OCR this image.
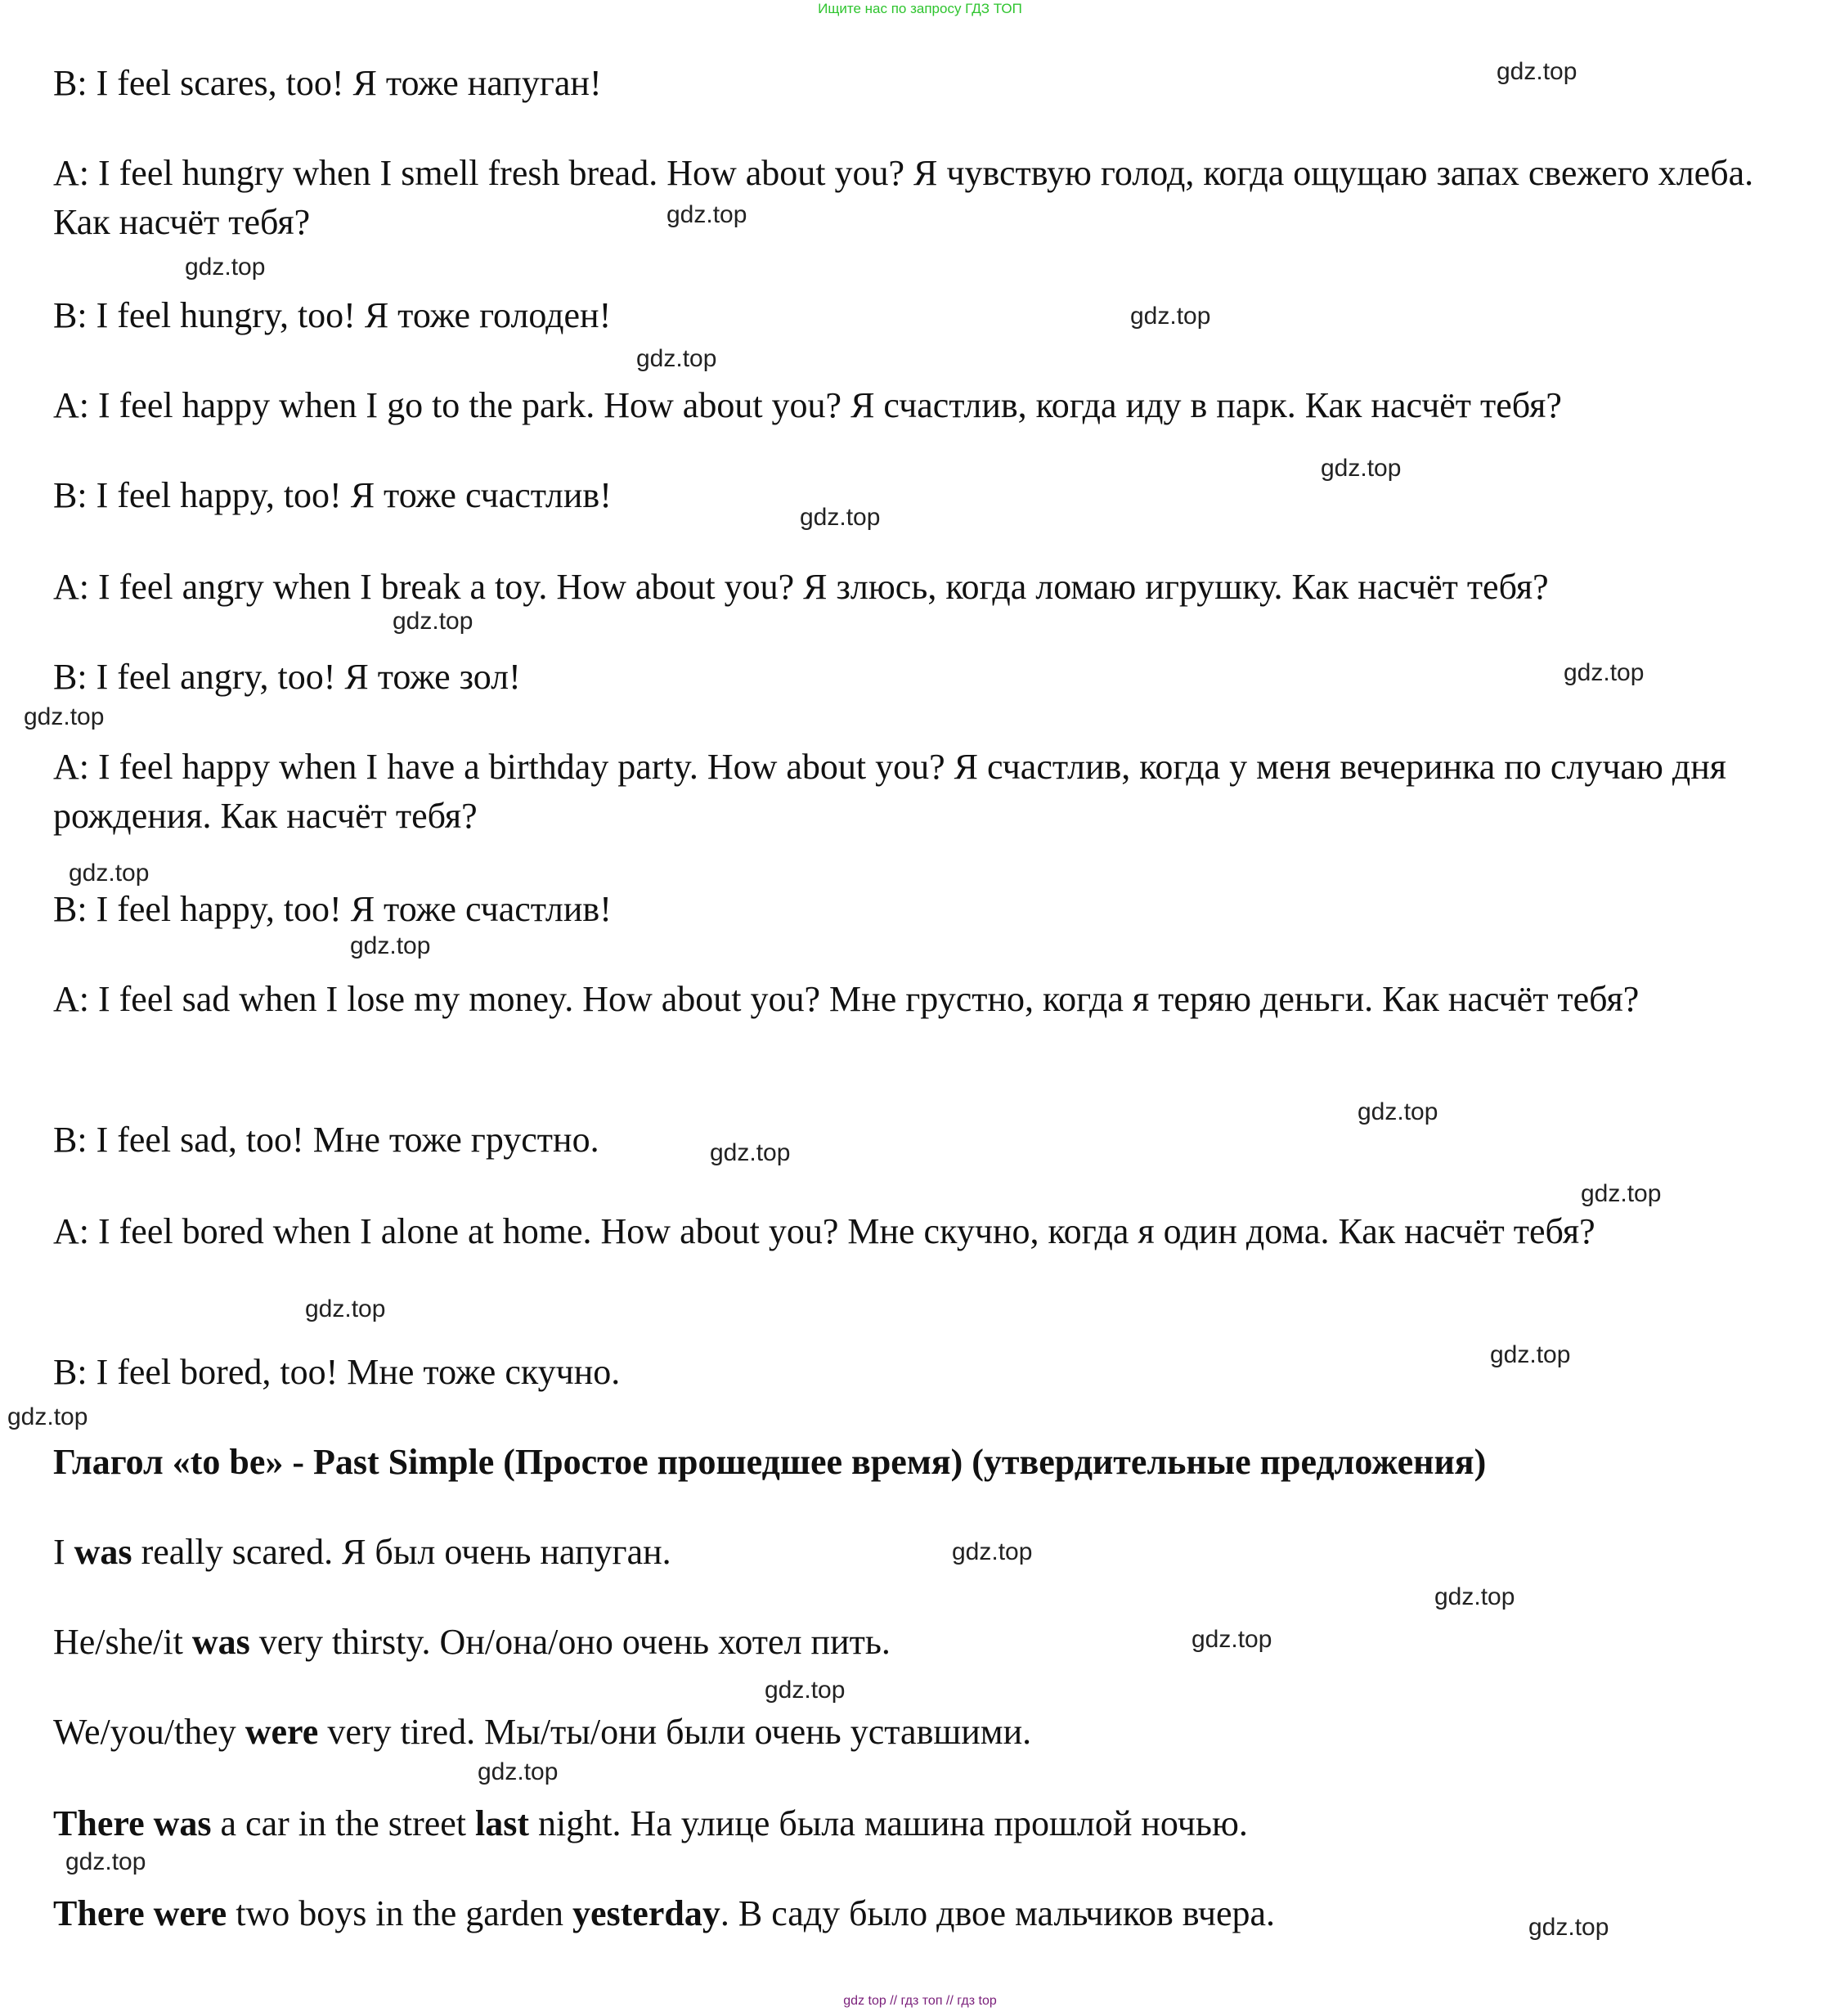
Ищите нас по запросу ГДЗ ТОП
B: I feel scares, too! Я тоже напуган!
A: I feel hungry when I smell fresh bread. How about you? Я чувствую голод, когда ощущаю запах свежего хлеба. Как насчёт тебя?
B: I feel hungry, too! Я тоже голоден!
A: I feel happy when I go to the park. How about you? Я счастлив, когда иду в парк. Как насчёт тебя?
B: I feel happy, too! Я тоже счастлив!
A: I feel angry when I break a toy. How about you? Я злюсь, когда ломаю игрушку. Как насчёт тебя?
B: I feel angry, too! Я тоже зол!
A: I feel happy when I have a birthday party. How about you? Я счастлив, когда у меня вечеринка по случаю дня рождения. Как насчёт тебя?
B: I feel happy, too! Я тоже счастлив!
A: I feel sad when I lose my money. How about you? Мне грустно, когда я теряю деньги. Как насчёт тебя?
B: I feel sad, too! Мне тоже грустно.
A: I feel bored when I alone at home. How about you? Мне скучно, когда я один дома. Как насчёт тебя?
B: I feel bored, too! Мне тоже скучно.
Глагол «to be» - Past Simple (Простое прошедшее время) (утвердительные предложения)
I was really scared. Я был очень напуган.
He/she/it was very thirsty. Он/она/оно очень хотел пить.
We/you/they were very tired. Мы/ты/они были очень уставшими.
There was a car in the street last night. На улице была машина прошлой ночью.
There were two boys in the garden yesterday. В саду было двое мальчиков вчера.
gdz.top
gdz.top
gdz.top
gdz.top
gdz.top
gdz.top
gdz.top
gdz.top
gdz.top
gdz.top
gdz.top
gdz.top
gdz.top
gdz.top
gdz.top
gdz.top
gdz.top
gdz.top
gdz.top
gdz.top
gdz.top
gdz.top
gdz.top
gdz.top
gdz.top
gdz top // гдз топ // гдз top
